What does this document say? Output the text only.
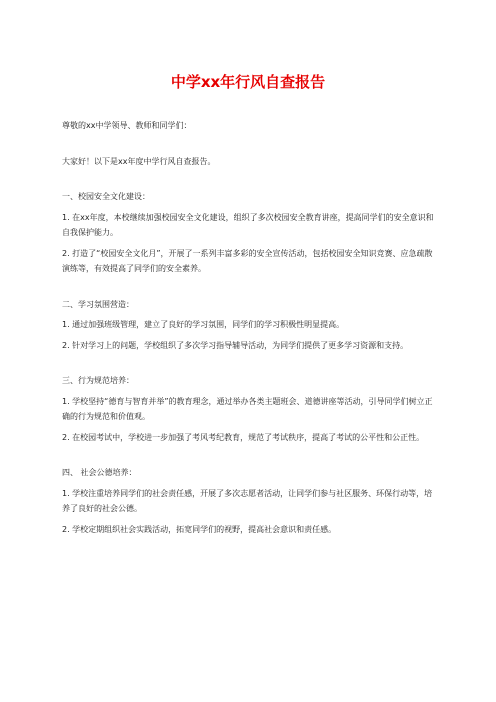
中学xx年行风自查报告

尊敬的xx中学领导、教师和同学们：

大家好！以下是xx年度中学行风自查报告。

一、校园安全文化建设：

1. 在xx年度，本校继续加强校园安全文化建设，组织了多次校园安全教育讲座，提高同学们的安全意识和自我保护能力。

2. 打造了“校园安全文化月”，开展了一系列丰富多彩的安全宣传活动，包括校园安全知识竞赛、应急疏散演练等，有效提高了同学们的安全素养。

二、学习氛围营造：

1. 通过加强班级管理，建立了良好的学习氛围，同学们的学习积极性明显提高。

2. 针对学习上的问题，学校组织了多次学习指导辅导活动，为同学们提供了更多学习资源和支持。

三、行为规范培养：

1. 学校坚持“德育与智育并举”的教育理念，通过举办各类主题班会、道德讲座等活动，引导同学们树立正确的行为规范和价值观。

2. 在校园考试中，学校进一步加强了考风考纪教育，规范了考试秩序，提高了考试的公平性和公正性。

四、 社会公德培养：

1. 学校注重培养同学们的社会责任感，开展了多次志愿者活动，让同学们参与社区服务、环保行动等，培养了良好的社会公德。

2. 学校定期组织社会实践活动，拓宽同学们的视野，提高社会意识和责任感。
